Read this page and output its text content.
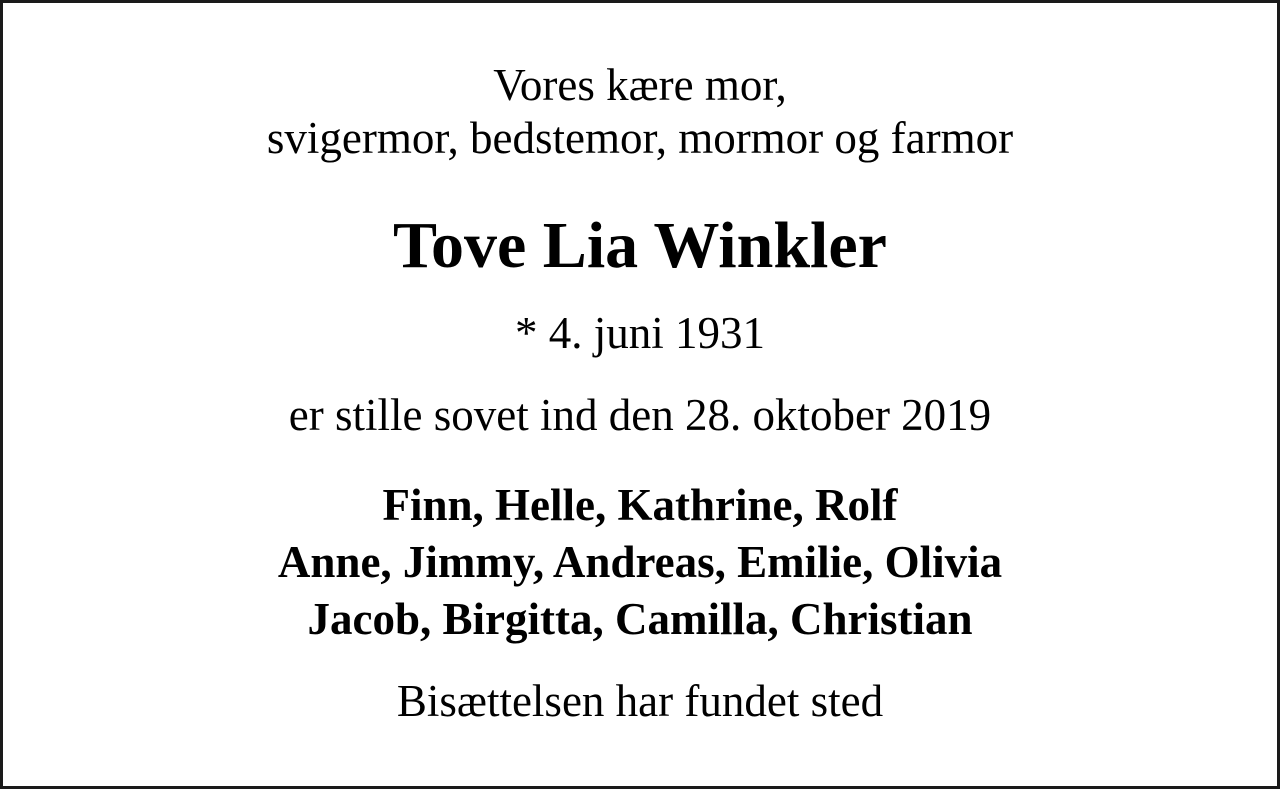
Vores kære mor,
svigermor, bedstemor, mormor og farmor

Tove Lia Winkler

* 4. juni 1931

er stille sovet ind den 28. oktober 2019

Finn, Helle, Kathrine, Rolf
Anne, Jimmy, Andreas, Emilie, Olivia
Jacob, Birgitta, Camilla, Christian

Bisættelsen har fundet sted
